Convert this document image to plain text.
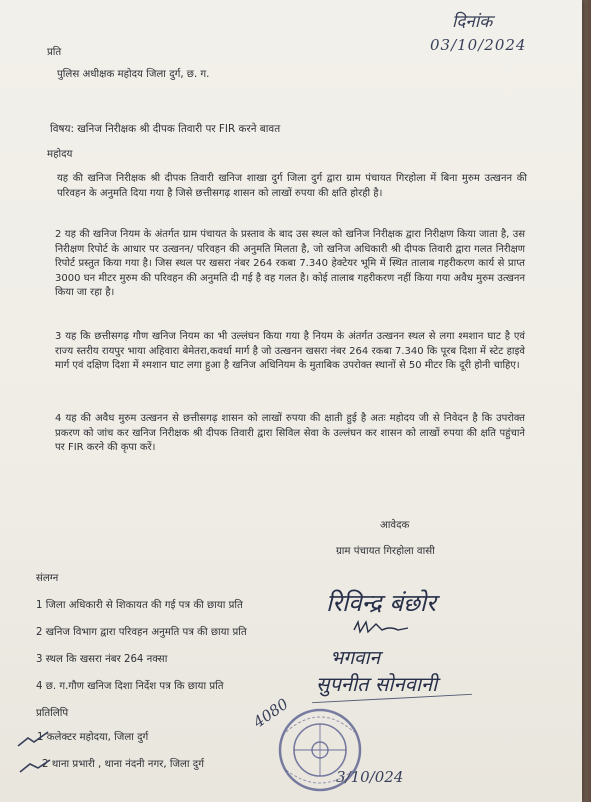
दिनांक
03/10/2024
प्रति
पुलिस अधीक्षक महोदय जिला दुर्ग, छ. ग.
विषय: खनिज निरीक्षक श्री दीपक तिवारी पर FIR करने बावत
महोदय

यह की खनिज निरीक्षक श्री दीपक तिवारी खनिज शाखा दुर्ग जिला दुर्ग द्वारा ग्राम पंचायत गिरहोला में बिना मुरुम उत्खनन की परिवहन के अनुमति दिया गया है जिसे छत्तीसगढ़ शासन को लाखों रुपया की क्षति होरही है।

2 यह की खनिज नियम के अंतर्गत ग्राम पंचायत के प्रस्ताव के बाद उस स्थल को खनिज निरीक्षक द्वारा निरीक्षण किया जाता है, उस निरीक्षण रिपोर्ट के आधार पर उत्खनन/ परिवहन की अनुमति मिलता है, जो खनिज अधिकारी श्री दीपक तिवारी द्वारा गलत निरीक्षण रिपोर्ट प्रस्तुत किया गया है। जिस स्थल पर खसरा नंबर 264 रकबा 7.340 हेक्टेयर भूमि में स्थित तालाब गहरीकरण कार्य से प्राप्त 3000 घन मीटर मुरुम की परिवहन की अनुमति दी गई है वह गलत है। कोई तालाब गहरीकरण नहीं किया गया अवैध मुरुम उत्खनन किया जा रहा है।

3 यह कि छत्तीसगढ़ गौण खनिज नियम का भी उल्लंघन किया गया है नियम के अंतर्गत उत्खनन स्थल से लगा श्मशान घाट है एवं राज्य स्तरीय रायपुर भाया अहिवारा बेमेतरा,कवर्धा मार्ग है जो उत्खनन खसरा नंबर 264 रकबा 7.340 कि पूरब दिशा में स्टेट हाइवे मार्ग एवं दक्षिण दिशा में श्मशान घाट लगा हुआ है खनिज अधिनियम के मुताबिक उपरोक्त स्थानों से 50 मीटर कि दूरी होनी चाहिए।

4 यह की अवैध मुरुम उत्खनन से छत्तीसगढ़ शासन को लाखों रुपया की क्षाती हुई है अतः महोदय जी से निवेदन है कि उपरोक्त प्रकरण को जांच कर खनिज निरीक्षक श्री दीपक तिवारी द्वारा सिविल सेवा के उल्लंघन कर शासन को लाखों रुपया की क्षति पहुंचाने पर FIR करने की कृपा करें।

आवेदक
ग्राम पंचायत गिरहोला वासी
संलग्न
1 जिला अधिकारी से शिकायत की गई पत्र की छाया प्रति
2 खनिज विभाग द्वारा परिवहन अनुमति पत्र की छाया प्रति
3 स्थल कि खसरा नंबर 264 नक्सा
4 छ. ग.गौण खनिज दिशा निर्देश पत्र कि छाया प्रति
प्रतिलिपि
1 कलेक्टर महोदया, जिला दुर्ग
2 थाना प्रभारी , थाना नंदनी नगर, जिला दुर्ग
रिविन्द्र बंछोर
भगवान
सुपनीत सोनवानी
4080
3/10/024
